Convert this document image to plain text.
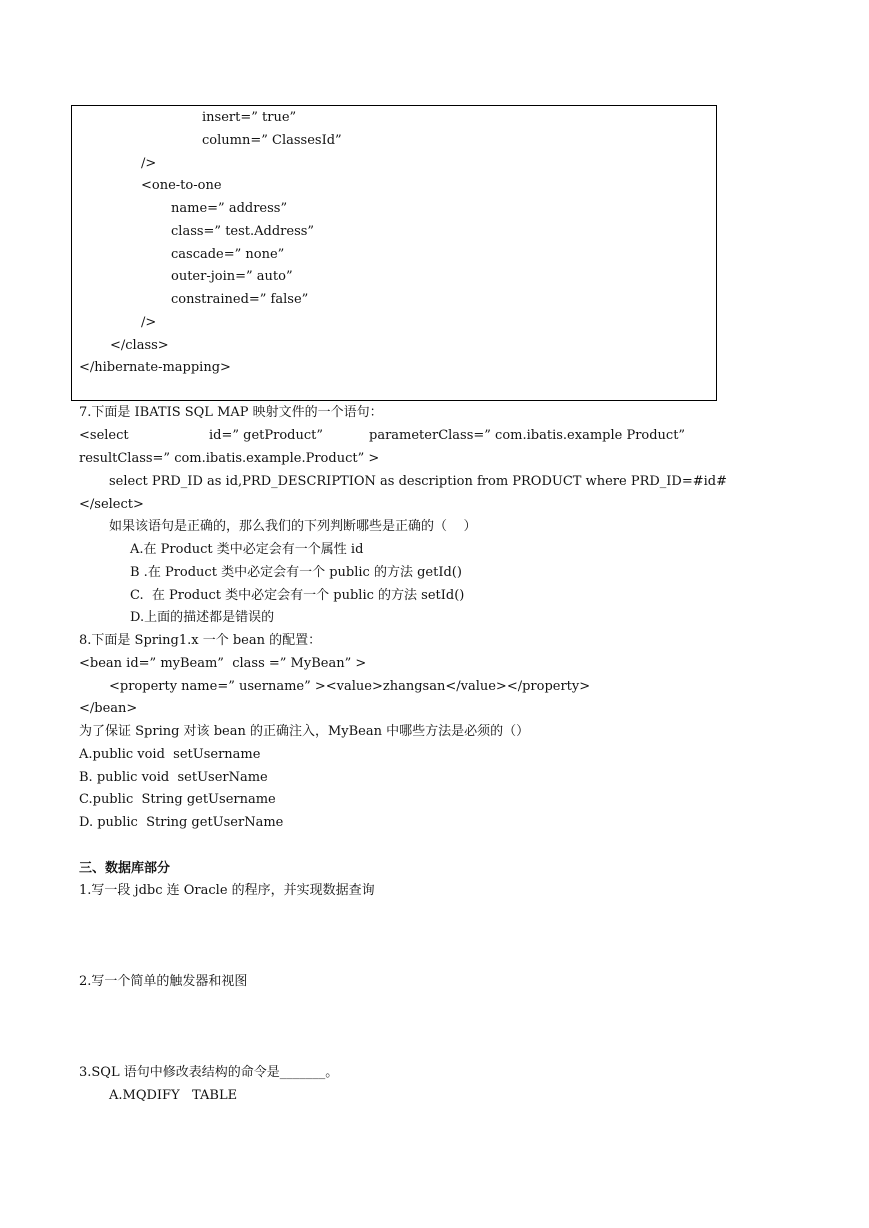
insert=” true”
column=” ClassesId”
/>
<one-to-one
name=” address”
class=” test.Address”
cascade=” none”
outer-join=” auto”
constrained=” false”
/>
</class>
</hibernate-mapping>
7.下面是 IBATIS SQL MAP 映射文件的一个语句：
<select	id=” getProduct”	parameterClass=” com.ibatis.example Product”
resultClass=” com.ibatis.example.Product” >
select PRD_ID as id,PRD_DESCRIPTION as description from PRODUCT where PRD_ID=#id#
</select>
如果该语句是正确的，那么我们的下列判断哪些是正确的（    ）
A.在 Product 类中必定会有一个属性 id
B .在 Product 类中必定会有一个 public 的方法 getId()
C.  在 Product 类中必定会有一个 public 的方法 setId()
D.上面的描述都是错误的
8.下面是 Spring1.x 一个 bean 的配置：
<bean id=” myBeam”  class =” MyBean” >
<property name=” username” ><value>zhangsan</value></property>
</bean>
为了保证 Spring 对该 bean 的正确注入，MyBean 中哪些方法是必须的（）
A.public void  setUsername
B. public void  setUserName
C.public  String getUsername
D. public  String getUserName
三、数据库部分
1.写一段 jdbc 连 Oracle 的程序，并实现数据查询
2.写一个简单的触发器和视图
3.SQL 语句中修改表结构的命令是_______。
A.MQDIFY   TABLE
